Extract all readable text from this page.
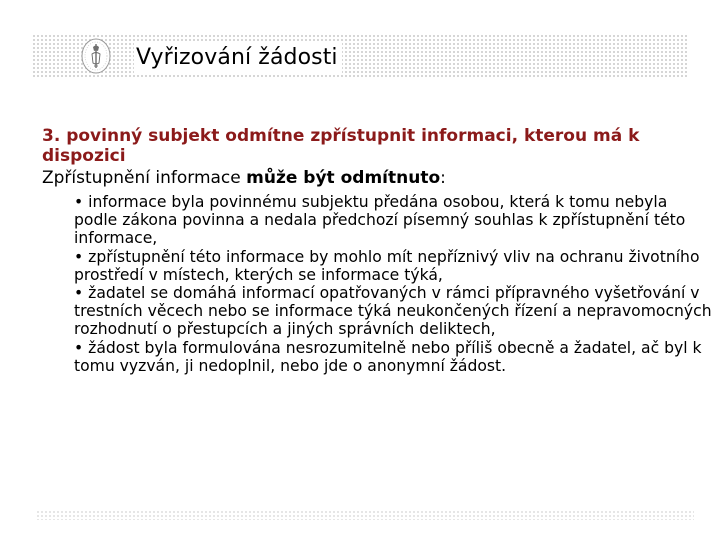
Vyřizování žádosti

3. povinný subjekt odmítne zpřístupnit informaci, kterou má k dispozici

Zpřístupnění informace může být odmítnuto:

• informace byla povinnému subjektu předána osobou, která k tomu nebyla podle zákona povinna a nedala předchozí písemný souhlas k zpřístupnění této informace,
• zpřístupnění této informace by mohlo mít nepříznivý vliv na ochranu životního prostředí v místech, kterých se informace týká,
• žadatel se domáhá informací opatřovaných v rámci přípravného vyšetřování v trestních věcech nebo se informace týká neukončených řízení a nepravomocných rozhodnutí o přestupcích a jiných správních deliktech,
• žádost byla formulována nesrozumitelně nebo příliš obecně a žadatel, ač byl k tomu vyzván, ji nedoplnil, nebo jde o anonymní žádost.
